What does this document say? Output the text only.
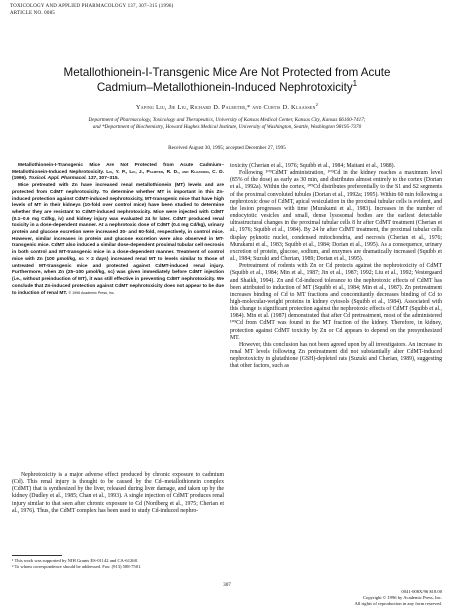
TOXICOLOGY AND APPLIED PHARMACOLOGY 137, 307–315 (1996)
ARTICLE NO. 0085
Metallothionein-I-Transgenic Mice Are Not Protected from Acute
Cadmium–Metallothionein-Induced Nephrotoxicity$^1$
Yaping Liu, Jie Liu, Richard D. Palmiter,* and Curtis D. Klaassen$^2$
Department of Pharmacology, Toxicology and Therapeutics, University of Kansas Medical Center, Kansas City, Kansas 66160-7417;
and *Department of Biochemistry, Howard Hughes Medical Institute, University of Washington, Seattle, Washington 98195-7370
Received August 30, 1995; accepted December 27, 1995

Metallothionein-I-Transgenic Mice Are Not Protected from Acute Cadmium–Metallothionein-Induced Nephrotoxicity. Liu, Y. P., Liu, J., Palmiter, R. D., and Klaassen, C. D. (1996). Toxicol. Appl. Pharmacol. 137, 307–315.

Mice pretreated with Zn have increased renal metallothionein (MT) levels and are protected from CdMT nephrotoxicity. To determine whether MT is important in this Zn-induced protection against CdMT-induced nephrotoxicity, MT-transgenic mice that have high levels of MT in their kidneys (10-fold over control mice) have been studied to determine whether they are resistant to CdMT-induced nephrotoxicity. Mice were injected with CdMT (0.1–0.6 mg Cd/kg, iv) and kidney injury was evaluated 24 hr later. CdMT produced renal toxicity in a dose-dependent manner. At a nephrotoxic dose of CdMT (0.4 mg Cd/kg), urinary protein and glucose excretion were increased 30- and 60-fold, respectively, in control mice. However, similar increases in protein and glucose excretion were also observed in MT-transgenic mice. CdMT also induced a similar dose-dependent proximal tubular cell necrosis in both control and MT-transgenic mice in a dose-dependent manner. Treatment of control mice with Zn (100 μmol/kg, sc × 2 days) increased renal MT to levels similar to those of untreated MT-transgenic mice and protected against CdMT-induced renal injury. Furthermore, when Zn (25–100 μmol/kg, sc) was given immediately before CdMT injection (i.e., without preinduction of MT), it was still effective in preventing CdMT nephrotoxicity. We conclude that Zn-induced protection against CdMT nephrotoxicity does not appear to be due to induction of renal MT. © 1996 Academic Press, Inc.

Nephrotoxicity is a major adverse effect produced by chronic exposure to cadmium (Cd). This renal injury is thought to be caused by the Cd–metallothionein complex (CdMT) that is synthesized by the liver, released during liver damage, and taken up by the kidney (Dudley et al., 1985; Chan et al., 1993). A single injection of CdMT produces renal injury similar to that seen after chronic exposure to Cd (Nordberg et al., 1975; Cherian et al., 1976). Thus, the CdMT complex has been used to study Cd-induced nephro-

¹ This work was supported by NIH Grants ES-01142 and CA-61268.
² To whom correspondence should be addressed. Fax: (913) 588-7501.

toxicity (Cherian et al., 1976; Squibb et al., 1984; Maitani et al., 1988).

Following ¹⁰⁹CdMT administration, ¹⁰⁹Cd in the kidney reaches a maximum level (85% of the dose) as early as 30 min, and distributes almost entirely to the cortex (Dorian et al., 1992a). Within the cortex, ¹⁰⁹Cd distributes preferentially to the S1 and S2 segments of the proximal convoluted tubules (Dorian et al., 1992a; 1995). Within 60 min following a nephrotoxic dose of CdMT, apical vesiculation in the proximal tubular cells is evident, and the lesion progresses with time (Murakami et al., 1983). Increases in the number of endocytotic vesicles and small, dense lysosomal bodies are the earliest detectable ultrastructural changes in the proximal tubular cells 8 hr after CdMT treatment (Cherian et al., 1976; Squibb et al., 1984). By 24 hr after CdMT treatment, the proximal tubular cells display pyknotic nuclei, condensed mitochondria, and necrosis (Cherian et al., 1976; Murakami et al., 1983; Squibb et al., 1984; Dorian et al., 1995). As a consequence, urinary excretion of protein, glucose, sodium, and enzymes are dramatically increased (Squibb et al., 1984; Suzuki and Cherian, 1989; Dorian et al., 1995).

Pretreatment of rodents with Zn or Cd protects against the nephrotoxicity of CdMT (Squibb et al., 1984; Min et al., 1987; Jin et al., 1987; 1992; Liu et al., 1992; Vestergaard and Shaikh, 1994). Zn and Cd-induced tolerance to the nephrotoxic effects of CdMT has been attributed to induction of MT (Squibb et al., 1984; Min et al., 1987). Zn pretreatment increases binding of Cd to MT fractions and concomitantly decreases binding of Cd to high-molecular-weight proteins in kidney cytosols (Squibb et al., 1984). Associated with this change is significant protection against the nephrotoxic effects of CdMT (Squibb et al., 1984). Min et al. (1987) demonstrated that after Cd pretreatment, most of the administered ¹⁰⁹Cd from CdMT was found in the MT fraction of the kidney. Therefore, in kidney, protection against CdMT toxicity by Zn or Cd appears to depend on the presynthesized MT.

However, this conclusion has not been agreed upon by all investigators. An increase in renal MT levels following Zn pretreatment did not substantially alter CdMT-induced nephrotoxicity in glutathione (GSH)-depleted rats (Suzuki and Cherian, 1989), suggesting that other factors, such as

307
0041-008X/96 $18.00
Copyright © 1996 by Academic Press, Inc.
All rights of reproduction in any form reserved.
